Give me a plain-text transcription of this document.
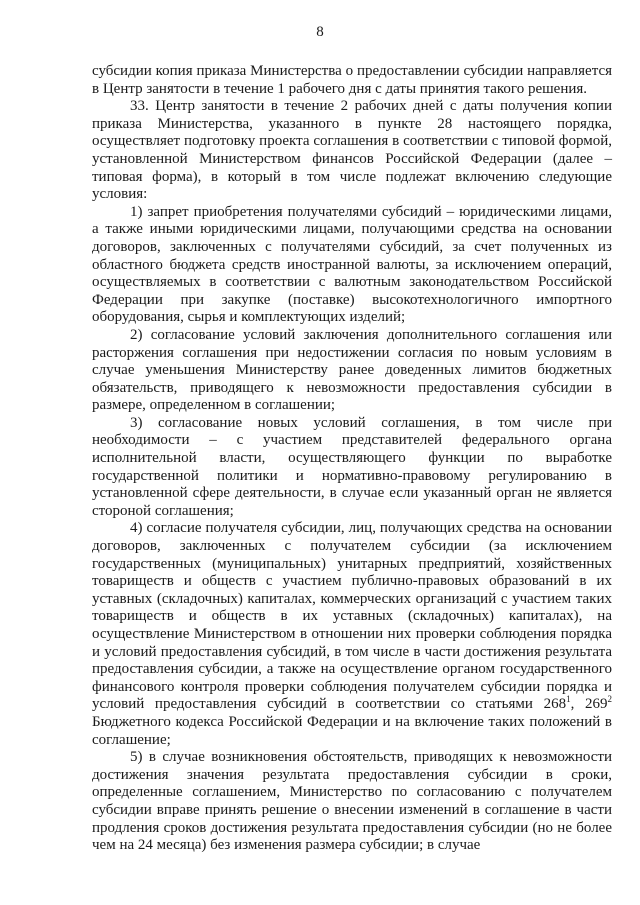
8

субсидии копия приказа Министерства о предоставлении субсидии направляется в Центр занятости в течение 1 рабочего дня с даты принятия такого решения.

33. Центр занятости в течение 2 рабочих дней с даты получения копии приказа Министерства, указанного в пункте 28 настоящего порядка, осуществляет подготовку проекта соглашения в соответствии с типовой формой, установленной Министерством финансов Российской Федерации (далее – типовая форма), в который в том числе подлежат включению следующие условия:

1) запрет приобретения получателями субсидий – юридическими лицами, а также иными юридическими лицами, получающими средства на основании договоров, заключенных с получателями субсидий, за счет полученных из областного бюджета средств иностранной валюты, за исключением операций, осуществляемых в соответствии с валютным законодательством Российской Федерации при закупке (поставке) высокотехнологичного импортного оборудования, сырья и комплектующих изделий;

2) согласование условий заключения дополнительного соглашения или расторжения соглашения при недостижении согласия по новым условиям в случае уменьшения Министерству ранее доведенных лимитов бюджетных обязательств, приводящего к невозможности предоставления субсидии в размере, определенном в соглашении;

3) согласование новых условий соглашения, в том числе при необходимости – с участием представителей федерального органа исполнительной власти, осуществляющего функции по выработке государственной политики и нормативно-правовому регулированию в установленной сфере деятельности, в случае если указанный орган не является стороной соглашения;

4) согласие получателя субсидии, лиц, получающих средства на основании договоров, заключенных с получателем субсидии (за исключением государственных (муниципальных) унитарных предприятий, хозяйственных товариществ и обществ с участием публично-правовых образований в их уставных (складочных) капиталах, коммерческих организаций с участием таких товариществ и обществ в их уставных (складочных) капиталах), на осуществление Министерством в отношении них проверки соблюдения порядка и условий предоставления субсидий, в том числе в части достижения результата предоставления субсидии, а также на осуществление органом государственного финансового контроля проверки соблюдения получателем субсидии порядка и условий предоставления субсидий в соответствии со статьями $268^1$, $269^2$ Бюджетного кодекса Российской Федерации и на включение таких положений в соглашение;

5) в случае возникновения обстоятельств, приводящих к невозможности достижения значения результата предоставления субсидии в сроки, определенные соглашением, Министерство по согласованию с получателем субсидии вправе принять решение о внесении изменений в соглашение в части продления сроков достижения результата предоставления субсидии (но не более чем на 24 месяца) без изменения размера субсидии; в случае
